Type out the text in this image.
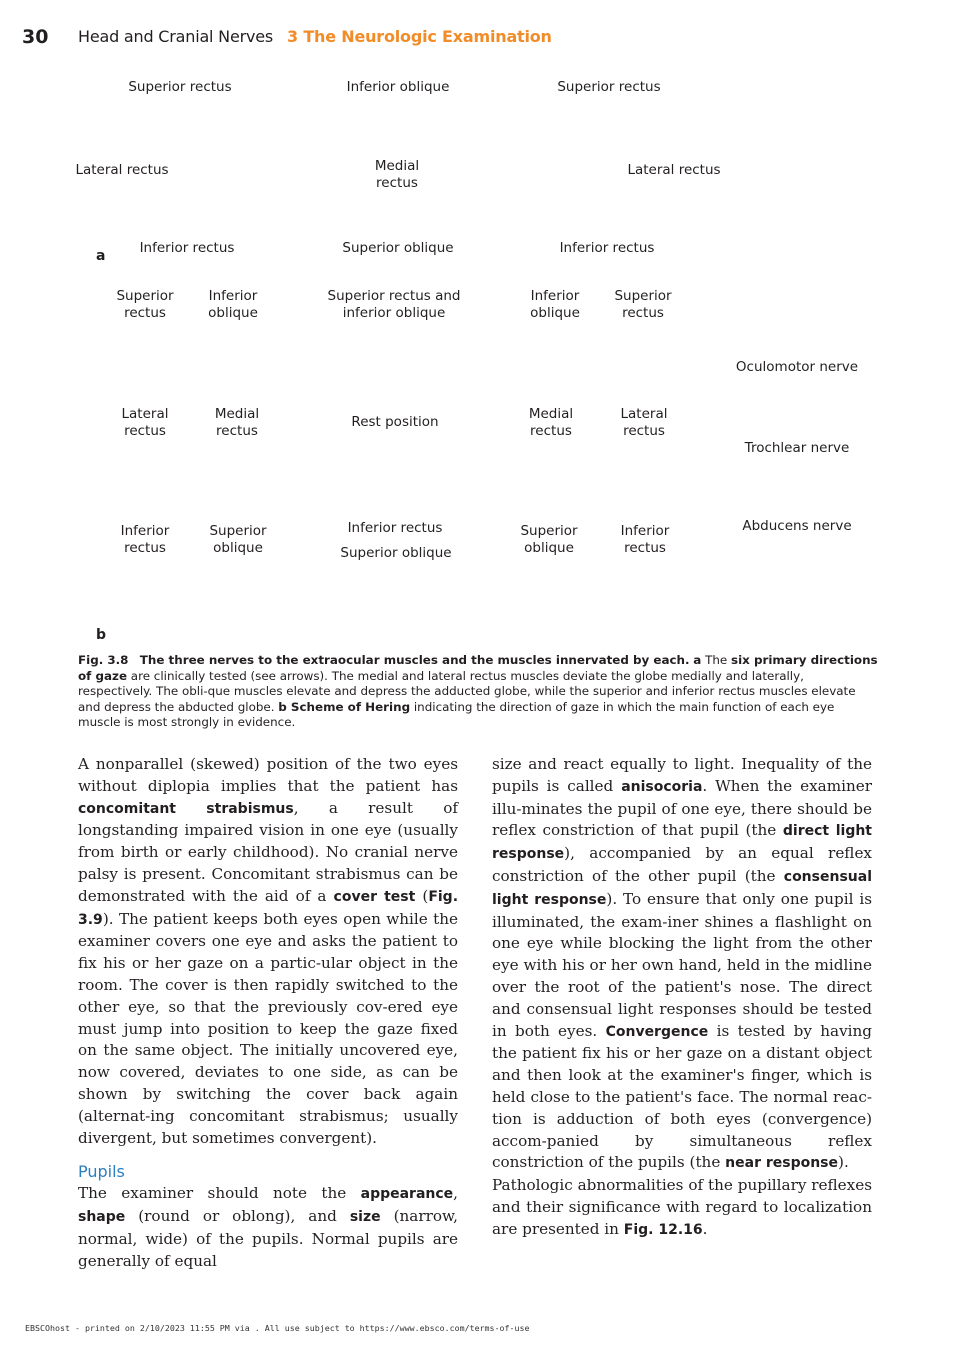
30 Head and Cranial Nerves 3 The Neurologic Examination
Superior rectus	Inferior oblique	Superior rectus
Lateral rectus	Medial
rectus
Lateral rectus
Inferior rectus	Superior oblique	Inferior rectus
a
Superior
rectus
Inferior
oblique
Superior rectus and
inferior oblique
Inferior
oblique
Superior
rectus
Lateral
rectus
Medial
rectus
Rest position	Medial
rectus
Lateral
rectus
Inferior
rectus
Superior
oblique
Inferior rectus
Superior oblique
Superior
oblique
Inferior
rectus
Oculomotor nerve
Trochlear nerve
Abducens nerve
b
Fig. 3.8 The three nerves to the extraocular muscles and the muscles innervated by each. a The six primary directions of gaze are clinically tested (see arrows). The medial and lateral rectus muscles deviate the globe medially and laterally, respectively. The obli-que muscles elevate and depress the adducted globe, while the superior and inferior rectus muscles elevate and depress the abducted globe. b Scheme of Hering indicating the direction of gaze in which the main function of each eye muscle is most strongly in evidence.

A nonparallel (skewed) position of the two eyes without diplopia implies that the patient has concomitant strabismus, a result of longstanding impaired vision in one eye (usually from birth or early childhood). No cranial nerve palsy is present. Concomitant strabismus can be demonstrated with the aid of a cover test (Fig. 3.9). The patient keeps both eyes open while the examiner covers one eye and asks the patient to fix his or her gaze on a partic-ular object in the room. The cover is then rapidly switched to the other eye, so that the previously cov-ered eye must jump into position to keep the gaze fixed on the same object. The initially uncovered eye, now covered, deviates to one side, as can be shown by switching the cover back again (alternat-ing concomitant strabismus; usually divergent, but sometimes convergent).

Pupils

The examiner should note the appearance, shape (round or oblong), and size (narrow, normal, wide) of the pupils. Normal pupils are generally of equal

size and react equally to light. Inequality of the pupils is called anisocoria. When the examiner illu-minates the pupil of one eye, there should be reflex constriction of that pupil (the direct light response), accompanied by an equal reflex constriction of the other pupil (the consensual light response). To ensure that only one pupil is illuminated, the exam-iner shines a flashlight on one eye while blocking the light from the other eye with his or her own hand, held in the midline over the root of the patient's nose. The direct and consensual light responses should be tested in both eyes. Convergence is tested by having the patient fix his or her gaze on a distant object and then look at the examiner's finger, which is held close to the patient's face. The normal reac-tion is adduction of both eyes (convergence) accom-panied by simultaneous reflex constriction of the pupils (the near response).

Pathologic abnormalities of the pupillary reflexes and their significance with regard to localization are presented in Fig. 12.16.

EBSCOhost - printed on 2/10/2023 11:55 PM via . All use subject to https://www.ebsco.com/terms-of-use
